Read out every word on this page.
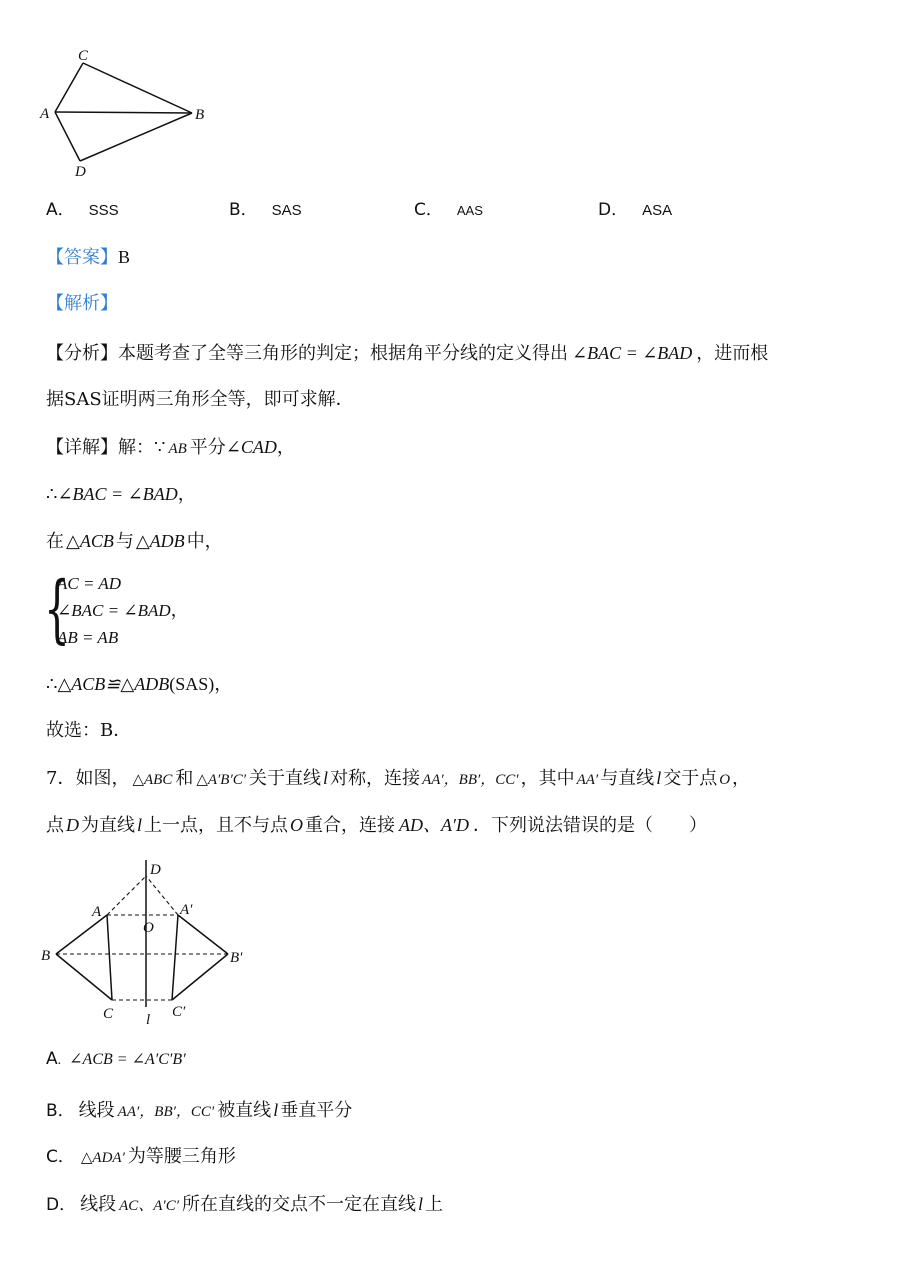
C
A	B
D
A． SSS	B． SAS	C． AAS	D． ASA
【答案】B
【解析】
【分析】本题考查了全等三角形的判定；根据角平分线的定义得出 ∠BAC = ∠BAD ，进而根
据SAS证明两三角形全等，即可求解．
【详解】解：∵ AB 平分∠CAD，
∴∠BAC = ∠BAD，
在 △ACB 与 △ADB 中，
{
AC = AD
∠BAC = ∠BAD，
AB = AB
∴△ACB≌△ADB(SAS)，
故选：B．
7．如图， △ABC 和 △A′B′C′ 关于直线 l 对称，连接 AA′，BB′，CC′ ，其中 AA′ 与直线 l 交于点 O ，
点 D 为直线 l 上一点，且不与点 O 重合，连接 AD、A′D ．下列说法错误的是（　　）
D
A	A′
O
B	B′
C	C′
l
A. ∠ACB = ∠A′C′B′
B． 线段 AA′，BB′，CC′ 被直线 l 垂直平分
C． △ADA′ 为等腰三角形
D． 线段 AC、A′C′ 所在直线的交点不一定在直线 l 上
